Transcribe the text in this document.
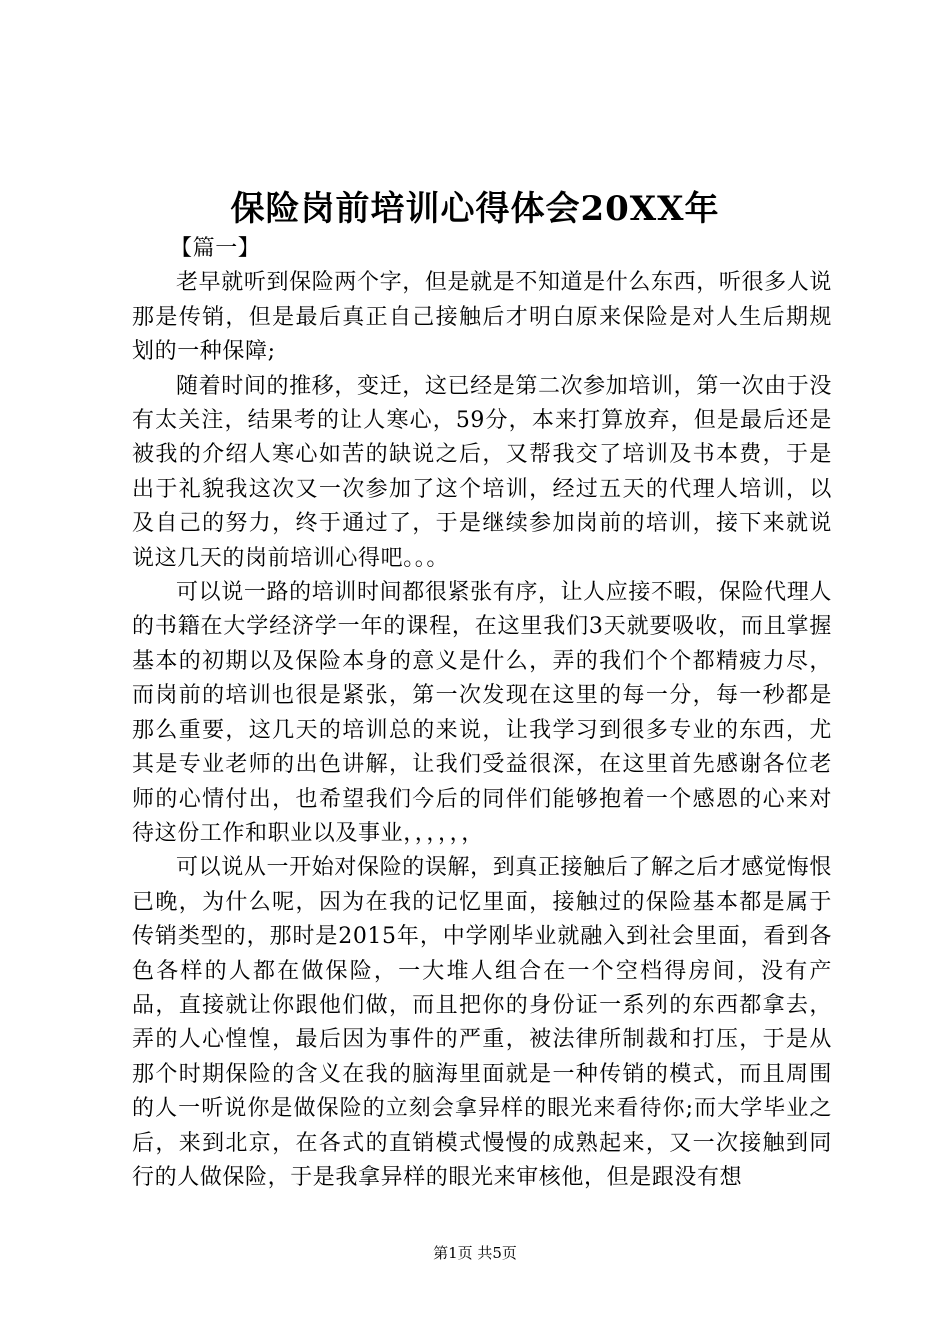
保险岗前培训心得体会20XX年

【篇一】

老早就听到保险两个字，但是就是不知道是什么东西，听很多人说那是传销，但是最后真正自己接触后才明白原来保险是对人生后期规划的一种保障;

随着时间的推移，变迁，这已经是第二次参加培训，第一次由于没有太关注，结果考的让人寒心，59分，本来打算放弃，但是最后还是被我的介绍人寒心如苦的缺说之后，又帮我交了培训及书本费，于是出于礼貌我这次又一次参加了这个培训，经过五天的代理人培训，以及自己的努力，终于通过了，于是继续参加岗前的培训，接下来就说说这几天的岗前培训心得吧。。。

可以说一路的培训时间都很紧张有序，让人应接不暇，保险代理人的书籍在大学经济学一年的课程，在这里我们3天就要吸收，而且掌握基本的初期以及保险本身的意义是什么，弄的我们个个都精疲力尽，而岗前的培训也很是紧张，第一次发现在这里的每一分，每一秒都是那么重要，这几天的培训总的来说，让我学习到很多专业的东西，尤其是专业老师的出色讲解，让我们受益很深，在这里首先感谢各位老师的心情付出，也希望我们今后的同伴们能够抱着一个感恩的心来对待这份工作和职业以及事业，，，，，，

可以说从一开始对保险的误解，到真正接触后了解之后才感觉悔恨已晚，为什么呢，因为在我的记忆里面，接触过的保险基本都是属于传销类型的，那时是2015年，中学刚毕业就融入到社会里面，看到各色各样的人都在做保险，一大堆人组合在一个空档得房间，没有产品，直接就让你跟他们做，而且把你的身份证一系列的东西都拿去，弄的人心惶惶，最后因为事件的严重，被法律所制裁和打压，于是从那个时期保险的含义在我的脑海里面就是一种传销的模式，而且周围的人一听说你是做保险的立刻会拿异样的眼光来看待你;而大学毕业之后，来到北京，在各式的直销模式慢慢的成熟起来，又一次接触到同行的人做保险，于是我拿异样的眼光来审核他，但是跟没有想

第1页 共5页
